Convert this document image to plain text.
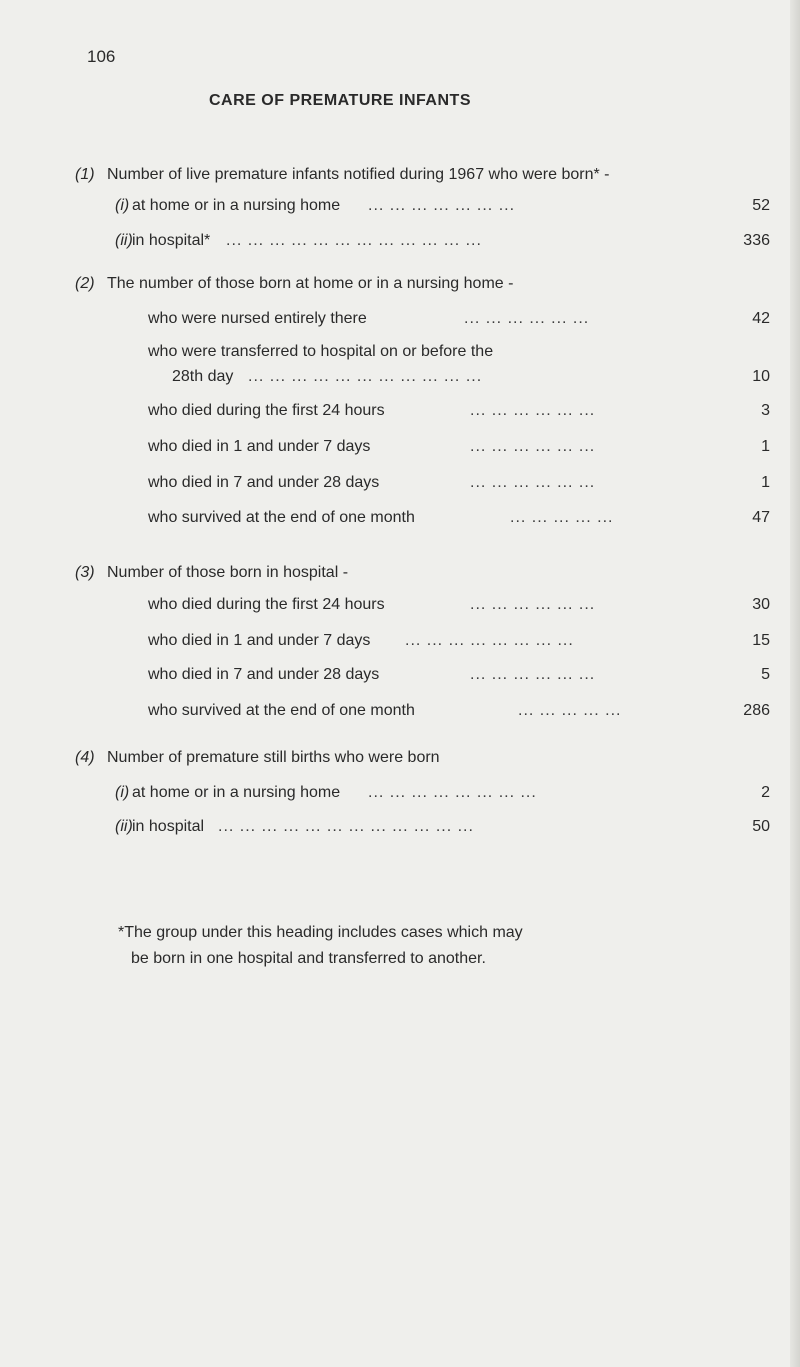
106
CARE OF PREMATURE INFANTS
(1) Number of live premature infants notified during 1967 who were born* -
(i) at home or in a nursing home ... ... ... ... ... ... ...	52
(ii) in hospital* ... ... ... ... ... ... ... ... ... ... ... ...	336
(2) The number of those born at home or in a nursing home -
who were nursed entirely there	... ... ... ... ... ...	42
who were transferred to hospital on or before the
28th day ... ... ... ... ... ... ... ... ... ... ...	10
who died during the first 24 hours	... ... ... ... ... ...	3
who died in 1 and under 7 days	... ... ... ... ... ...	1
who died in 7 and under 28 days	... ... ... ... ... ...	1
who survived at the end of one month	... ... ... ... ...	47
(3) Number of those born in hospital -
who died during the first 24 hours	... ... ... ... ... ...	30
who died in 1 and under 7 days ... ... ... ... ... ... ... ...	15
who died in 7 and under 28 days	... ... ... ... ... ...	5
who survived at the end of one month	... ... ... ... ...	286
(4) Number of premature still births who were born
(i) at home or in a nursing home ... ... ... ... ... ... ... ...	2
(ii) in hospital ... ... ... ... ... ... ... ... ... ... ... ...	50
*The group under this heading includes cases which may
be born in one hospital and transferred to another.
